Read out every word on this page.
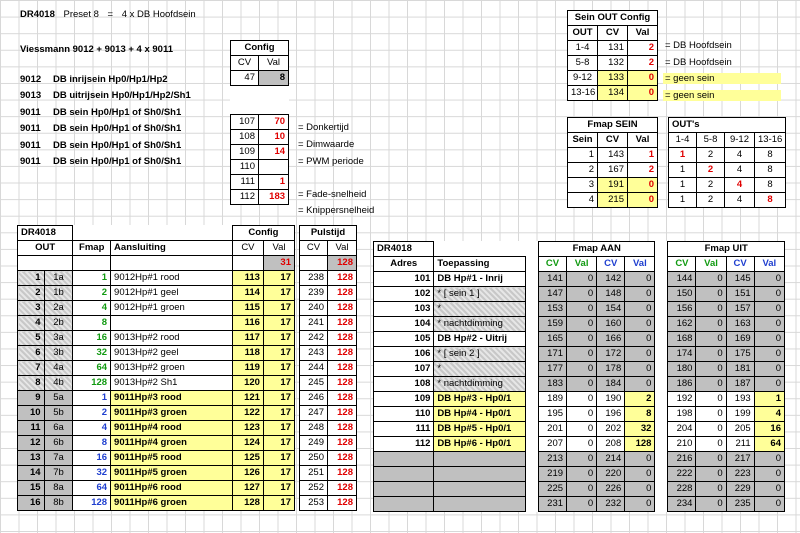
DR4018 Preset 8 = 4 x DB Hoofdsein
Viessmann 9012 + 9013 + 4 x 9011
9012 DB inrijsein Hp0/Hp1/Hp2
9013 DB uitrijsein Hp0/Hp1/Hp2/Sh1
9011 DB sein Hp0/Hp1 of Sh0/Sh1
9011 DB sein Hp0/Hp1 of Sh0/Sh1
9011 DB sein Hp0/Hp1 of Sh0/Sh1
9011 DB sein Hp0/Hp1 of Sh0/Sh1
Config	
CV	Val
47	8

107	70
108	10
109	14
110	
111	1
112	183
= Donkertijd
= Dimwaarde
= PWM periode
= Fade-snelheid
= Knippersnelheid
Sein OUT Config		
OUT	CV	Val
1-4	131	2
5-8	132	2
9-12	133	0
13-16	134	0
= DB Hoofdsein
= DB Hoofdsein
= geen sein
= geen sein
Fmap SEIN		
Sein	CV	Val
1	143	1
2	167	2
3	191	0
4	215	0
OUT's			
1-4	5-8	9-12	13-16
1	2	4	8
1	2	4	8
1	2	4	8
1	2	4	8
DR4018				Config	
OUT		Fmap	Aansluiting	CV	Val
					31
1	1a	1	9012Hp#1 rood	113	17
2	1b	2	9012Hp#1 geel	114	17
3	2a	4	9012Hp#1 groen	115	17
4	2b	8		116	17
5	3a	16	9013Hp#2 rood	117	17
6	3b	32	9013Hp#2 geel	118	17
7	4a	64	9013Hp#2 groen	119	17
8	4b	128	9013Hp#2 Sh1	120	17
9	5a	1	9011Hp#3 rood	121	17
10	5b	2	9011Hp#3 groen	122	17
11	6a	4	9011Hp#4 rood	123	17
12	6b	8	9011Hp#4 groen	124	17
13	7a	16	9011Hp#5 rood	125	17
14	7b	32	9011Hp#5 groen	126	17
15	8a	64	9011Hp#6 rood	127	17
16	8b	128	9011Hp#6 groen	128	17
Pulstijd	
CV	Val
	128
238	128
239	128
240	128
241	128
242	128
243	128
244	128
245	128
246	128
247	128
248	128
249	128
250	128
251	128
252	128
253	128
DR4018			Fmap AAN					Fmap UIT			
Adres	Toepassing		CV	Val	CV	Val		CV	Val	CV	Val
101	DB Hp#1 - Inrij		141	0	142	0		144	0	145	0
102	* [ sein 1 ]		147	0	148	0		150	0	151	0
103	*		153	0	154	0		156	0	157	0
104	* nachtdimming		159	0	160	0		162	0	163	0
105	DB Hp#2 - Uitrij		165	0	166	0		168	0	169	0
106	* [ sein 2 ]		171	0	172	0		174	0	175	0
107	*		177	0	178	0		180	0	181	0
108	* nachtdimming		183	0	184	0		186	0	187	0
109	DB Hp#3 - Hp0/1		189	0	190	2		192	0	193	1
110	DB Hp#4 - Hp0/1		195	0	196	8		198	0	199	4
111	DB Hp#5 - Hp0/1		201	0	202	32		204	0	205	16
112	DB Hp#6 - Hp0/1		207	0	208	128		210	0	211	64
			213	0	214	0		216	0	217	0
			219	0	220	0		222	0	223	0
			225	0	226	0		228	0	229	0
			231	0	232	0		234	0	235	0
